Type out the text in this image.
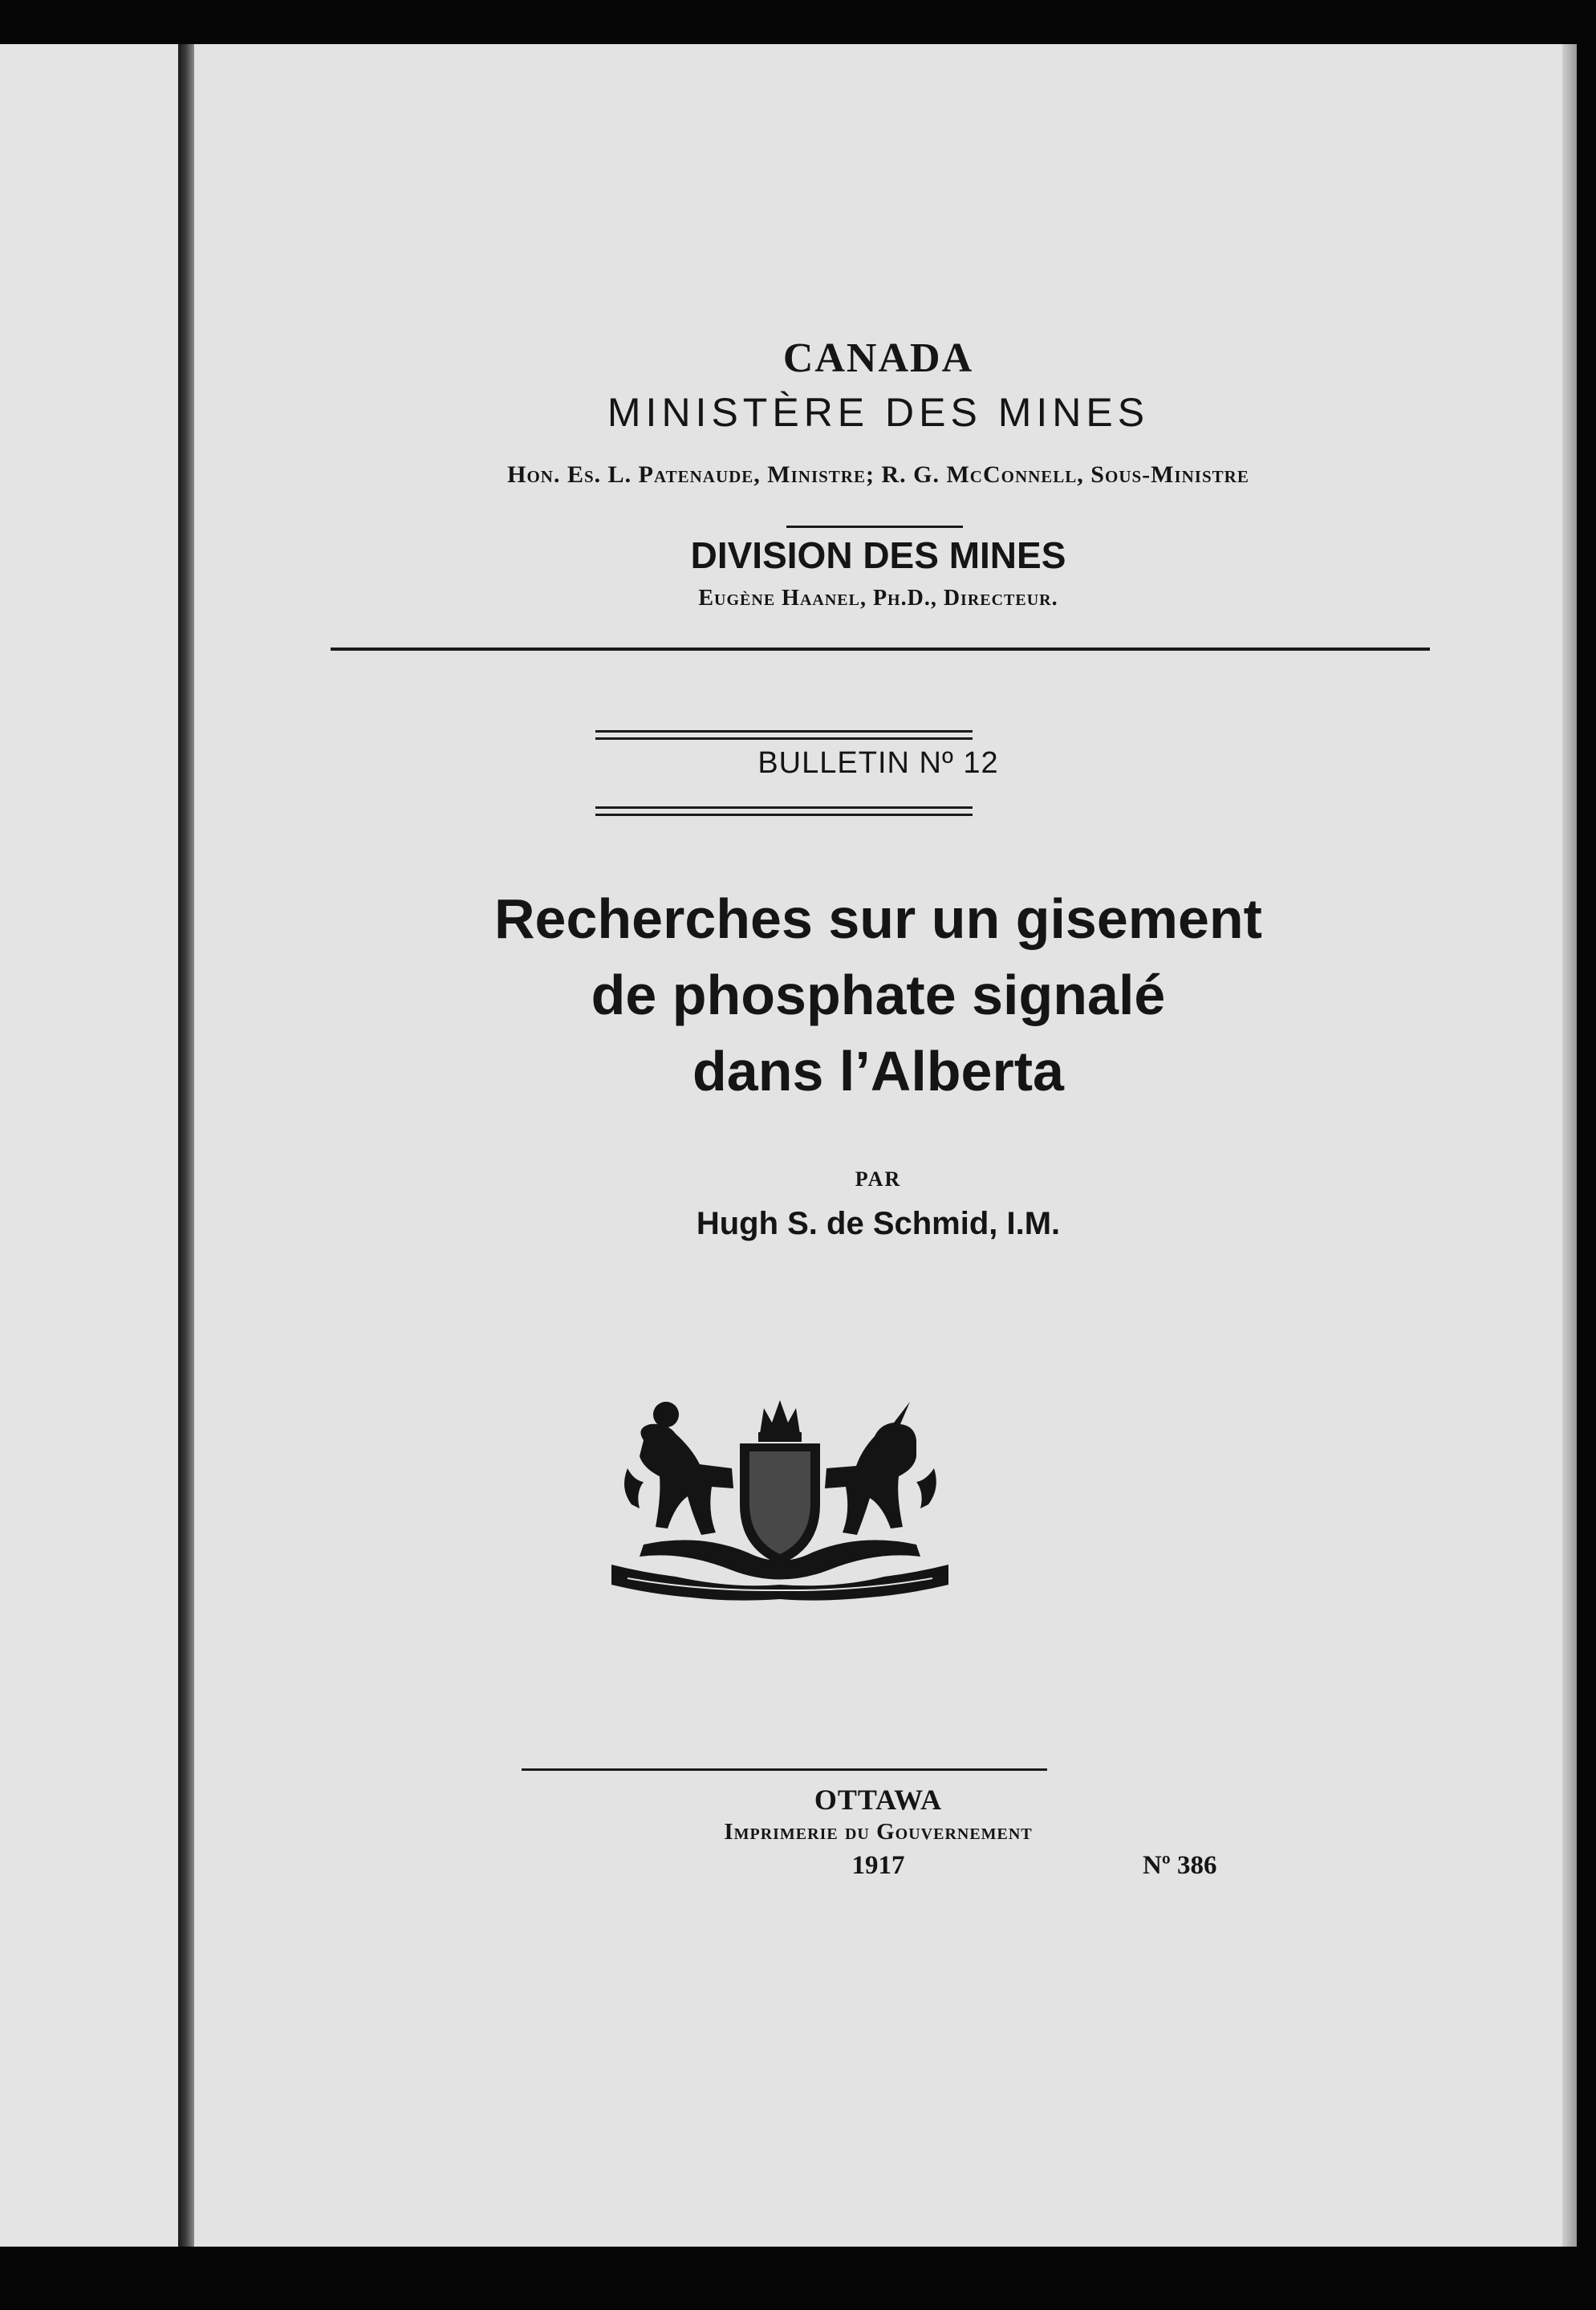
CANADA
MINISTÈRE DES MINES
Hon. Es. L. Patenaude, Ministre; R. G. McConnell, Sous-Ministre
DIVISION DES MINES
Eugène Haanel, Ph.D., Directeur.
BULLETIN Nº 12
Recherches sur un gisement
de phosphate signalé
dans l’Alberta
PAR
Hugh S. de Schmid, I.M.
OTTAWA
Imprimerie du Gouvernement
1917	Nº 386
